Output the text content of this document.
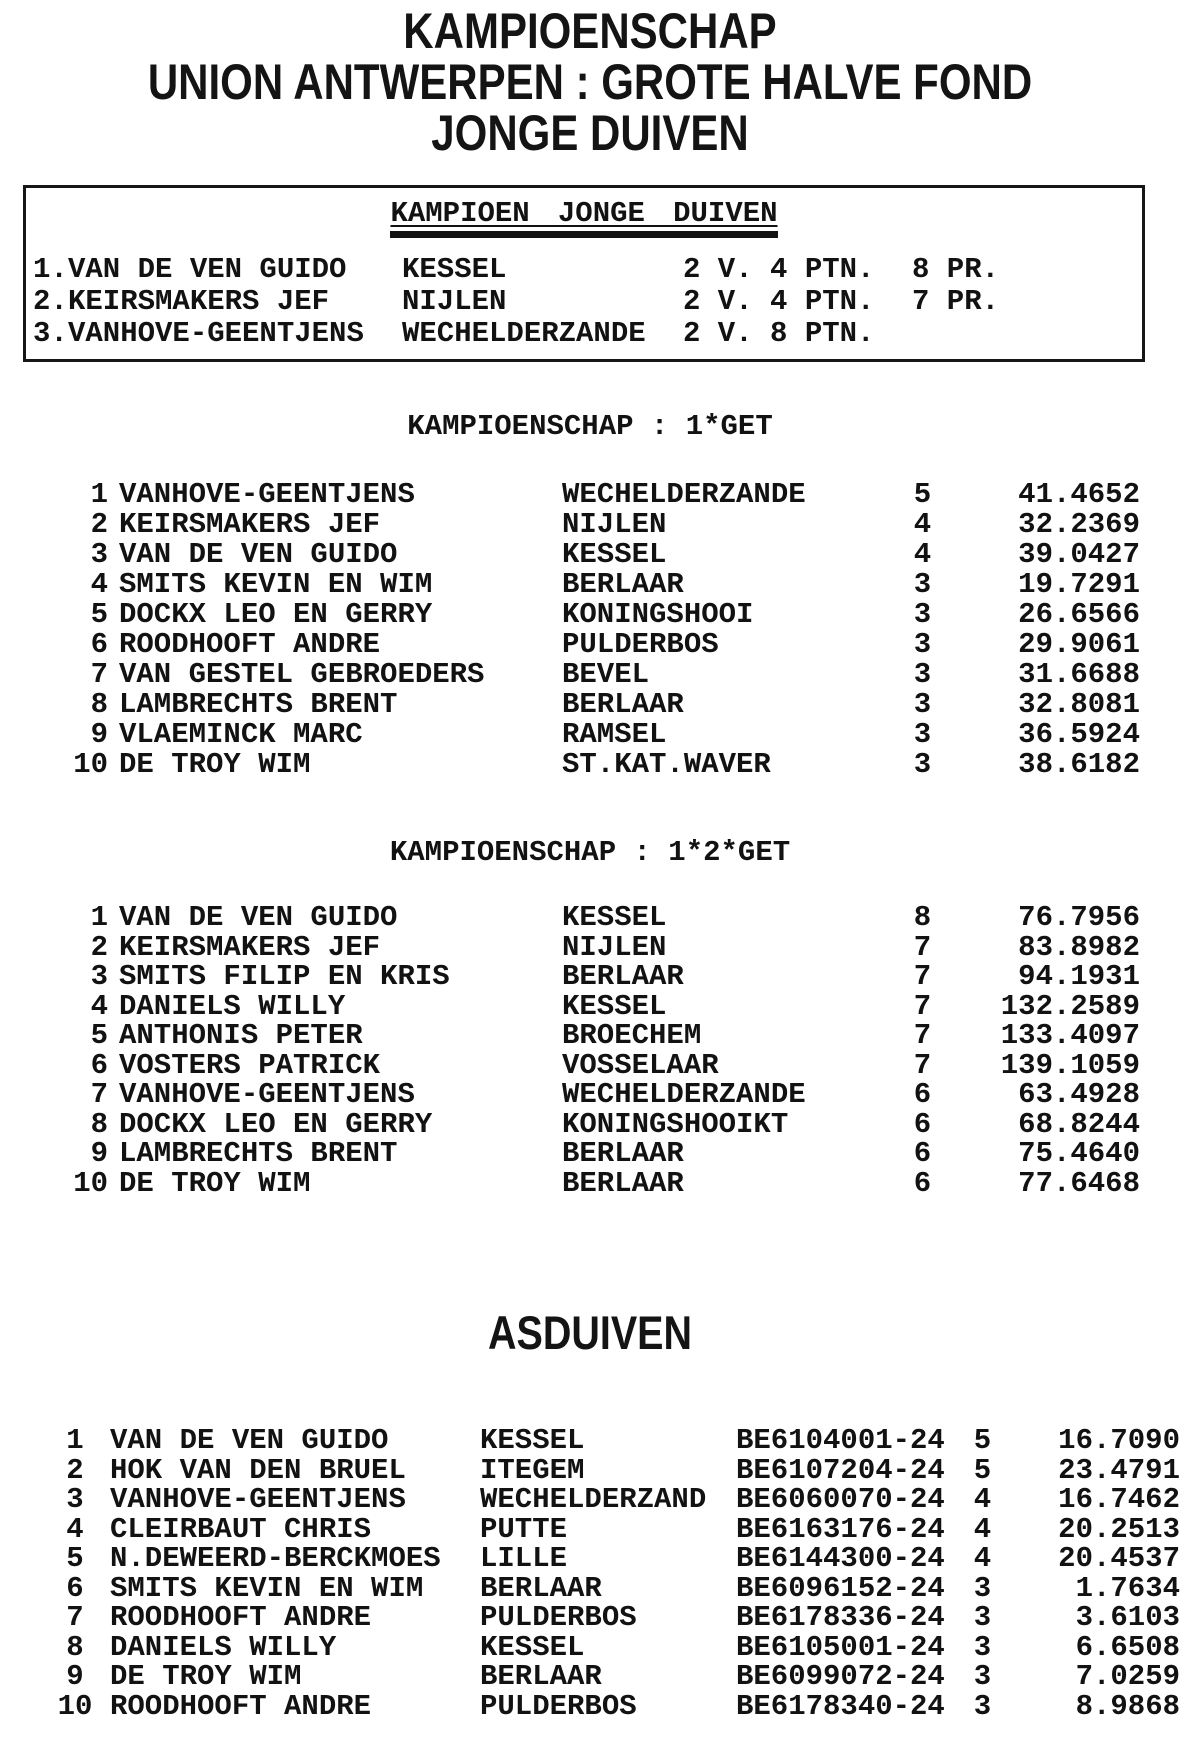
KAMPIOENSCHAP
UNION ANTWERPEN : GROTE HALVE FOND
JONGE DUIVEN
KAMPIOEN JONGE DUIVEN
1. VAN DE VEN GUIDO	KESSEL	2 V. 4 PTN.	8 PR.
2. KEIRSMAKERS JEF	NIJLEN	2 V. 4 PTN.	7 PR.
3. VANHOVE-GEENTJENS	WECHELDERZANDE	2 V. 8 PTN.
KAMPIOENSCHAP : 1*GET
1 VANHOVE-GEENTJENS	WECHELDERZANDE	5	41.4652
2 KEIRSMAKERS JEF	NIJLEN	4	32.2369
3 VAN DE VEN GUIDO	KESSEL	4	39.0427
4 SMITS KEVIN EN WIM	BERLAAR	3	19.7291
5 DOCKX LEO EN GERRY	KONINGSHOOI	3	26.6566
6 ROODHOOFT ANDRE	PULDERBOS	3	29.9061
7 VAN GESTEL GEBROEDERS	BEVEL	3	31.6688
8 LAMBRECHTS BRENT	BERLAAR	3	32.8081
9 VLAEMINCK MARC	RAMSEL	3	36.5924
10 DE TROY WIM	ST.KAT.WAVER	3	38.6182
KAMPIOENSCHAP : 1*2*GET
1 VAN DE VEN GUIDO	KESSEL	8	76.7956
2 KEIRSMAKERS JEF	NIJLEN	7	83.8982
3 SMITS FILIP EN KRIS	BERLAAR	7	94.1931
4 DANIELS WILLY	KESSEL	7	132.2589
5 ANTHONIS PETER	BROECHEM	7	133.4097
6 VOSTERS PATRICK	VOSSELAAR	7	139.1059
7 VANHOVE-GEENTJENS	WECHELDERZANDE	6	63.4928
8 DOCKX LEO EN GERRY	KONINGSHOOIKT	6	68.8244
9 LAMBRECHTS BRENT	BERLAAR	6	75.4640
10 DE TROY WIM	BERLAAR	6	77.6468
ASDUIVEN
1 VAN DE VEN GUIDO	KESSEL	BE6104001-24 5	16.7090
2 HOK VAN DEN BRUEL	ITEGEM	BE6107204-24 5	23.4791
3 VANHOVE-GEENTJENS	WECHELDERZAND	BE6060070-24 4	16.7462
4 CLEIRBAUT CHRIS	PUTTE	BE6163176-24 4	20.2513
5 N.DEWEERD-BERCKMOES	LILLE	BE6144300-24 4	20.4537
6 SMITS KEVIN EN WIM	BERLAAR	BE6096152-24 3	1.7634
7 ROODHOOFT ANDRE	PULDERBOS	BE6178336-24 3	3.6103
8 DANIELS WILLY	KESSEL	BE6105001-24 3	6.6508
9 DE TROY WIM	BERLAAR	BE6099072-24 3	7.0259
10 ROODHOOFT ANDRE	PULDERBOS	BE6178340-24 3	8.9868
